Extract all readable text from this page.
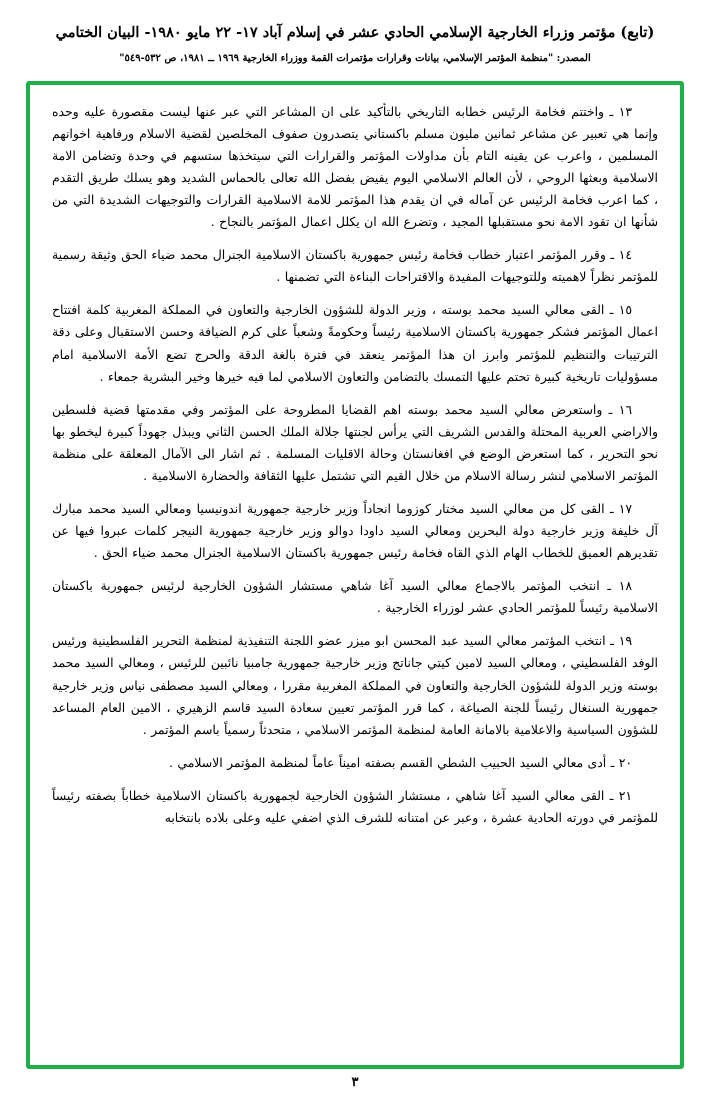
(تابع) مؤتمر وزراء الخارجية الإسلامي الحادي عشر في إسلام آباد ١٧- ٢٢ مايو ١٩٨٠- البيان الختامي
المصدر: "منظمة المؤتمر الإسلامي، بيانات وقرارات مؤتمرات القمة ووزراء الخارجية ١٩٦٩ ــ ١٩٨١، ص ٥٣٢-٥٤٩"

١٣ ـ واختتم فخامة الرئيس خطابه التاريخي بالتأكيد على ان المشاعر التي عبر عنها ليست مقصورة عليه وحده وإنما هي تعبير عن مشاعر ثمانين مليون مسلم باكستاني يتصدرون صفوف المخلصين لقضية الاسلام ورفاهية اخوانهم المسلمين ، واعرب عن يقينه التام بأن مداولات المؤتمر والقرارات التي سيتخذها ستسهم في وحدة وتضامن الامة الاسلامية وبعثها الروحي ، لأن العالم الاسلامي اليوم يفيض بفضل الله تعالى بالحماس الشديد وهو يسلك طريق التقدم ، كما اعرب فخامة الرئيس عن آماله في ان يقدم هذا المؤتمر للامة الاسلامية القرارات والتوجيهات الشديدة التي من شأنها ان تقود الامة نحو مستقبلها المجيد ، وتضرع الله ان يكلل اعمال المؤتمر بالنجاح .

١٤ ـ وقرر المؤتمر اعتبار خطاب فخامة رئيس جمهورية باكستان الاسلامية الجنرال محمد ضياء الحق وثيقة رسمية للمؤتمر نظراً لاهميته وللتوجيهات المفيدة والاقتراحات البناءة التي تضمنها .

١٥ ـ القى معالي السيد محمد بوسته ، وزير الدولة للشؤون الخارجية والتعاون في المملكة المغربية كلمة افتتاح اعمال المؤتمر فشكر جمهورية باكستان الاسلامية رئيساً وحكومةً وشعباً على كرم الضيافة وحسن الاستقبال وعلى دقة الترتيبات والتنظيم للمؤتمر وابرز ان هذا المؤتمر ينعقد في فترة بالغة الدقة والحرج تضع الأمة الاسلامية امام مسؤوليات تاريخية كبيرة تحتم عليها التمسك بالتضامن والتعاون الاسلامي لما فيه خيرها وخير البشرية جمعاء .

١٦ ـ واستعرض معالي السيد محمد بوسته اهم القضايا المطروحة على المؤتمر وفي مقدمتها قضية فلسطين والاراضي العربية المحتلة والقدس الشريف التي يرأس لجنتها جلالة الملك الحسن الثاني ويبذل جهوداً كبيرة ليخطو بها نحو التحرير ، كما استعرض الوضع في افغانستان وحالة الاقليات المسلمة . ثم اشار الى الآمال المعلقة على منظمة المؤتمر الاسلامي لنشر رسالة الاسلام من خلال القيم التي تشتمل عليها الثقافة والحضارة الاسلامية .

١٧ ـ القى كل من معالي السيد مختار كوزوما انجاداً وزير خارجية جمهورية اندونيسيا ومعالي السيد محمد مبارك آل خليفة وزير خارجية دولة البحرين ومعالي السيد داودا دوالو وزير خارجية جمهورية النيجر كلمات عبروا فيها عن تقديرهم العميق للخطاب الهام الذي القاه فخامة رئيس جمهورية باكستان الاسلامية الجنرال محمد ضياء الحق .

١٨ ـ انتخب المؤتمر بالاجماع معالي السيد آغا شاهي مستشار الشؤون الخارجية لرئيس جمهورية باكستان الاسلامية رئيساً للمؤتمر الحادي عشر لوزراء الخارجية .

١٩ ـ انتخب المؤتمر معالي السيد عبد المحسن ابو ميزر عضو اللجنة التنفيذية لمنظمة التحرير الفلسطينية ورئيس الوفد الفلسطيني ، ومعالي السيد لامين كيتي جاناتج وزير خارجية جمهورية جامبيا نائبين للرئيس ، ومعالي السيد محمد بوسته وزير الدولة للشؤون الخارجية والتعاون في المملكة المغربية مقررا ، ومعالي السيد مصطفى نياس وزير خارجية جمهورية السنغال رئيساً للجنة الصياغة ، كما قرر المؤتمر تعيين سعادة السيد قاسم الزهيري ، الامين العام المساعد للشؤون السياسية والاعلامية بالامانة العامة لمنظمة المؤتمر الاسلامي ، متحدثاً رسمياً باسم المؤتمر .

٢٠ ـ أدى معالي السيد الحبيب الشطي القسم بصفته اميناً عاماً لمنظمة المؤتمر الاسلامي .

٢١ ـ القى معالي السيد آغا شاهي ، مستشار الشؤون الخارجية لجمهورية باكستان الاسلامية خطاباً بصفته رئيساً للمؤتمر في دورته الحادية عشرة ، وعبر عن امتنانه للشرف الذي اضفي عليه وعلى بلاده بانتخابه

٣
